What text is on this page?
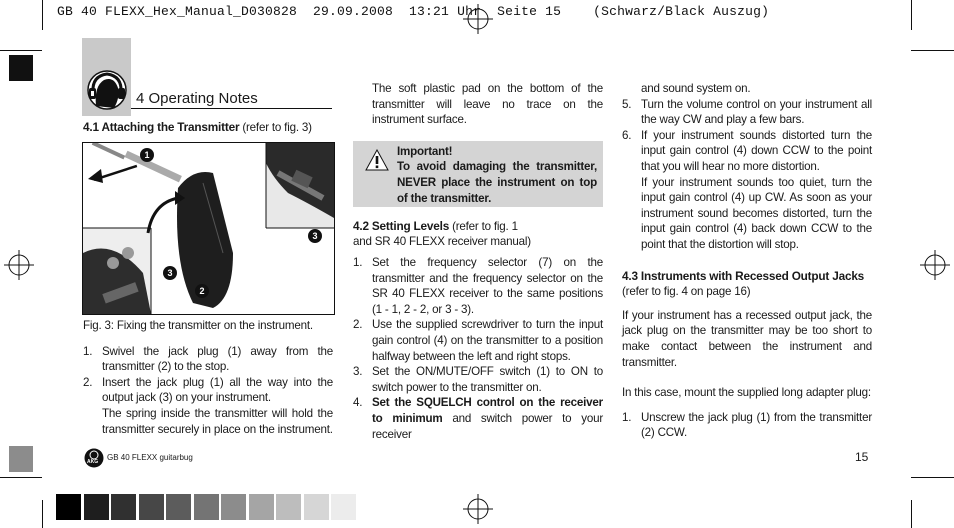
GB 40 FLEXX_Hex_Manual_D030828  29.09.2008  13:21 Uhr  Seite 15    (Schwarz/Black Auszug)
4 Operating Notes
4.1 Attaching the Transmitter (refer to fig. 3)
1
2
3
3
Fig. 3: Fixing the transmitter on the instrument.
1. Swivel the jack plug (1) away from the transmitter (2) to the stop.
2. Insert the jack plug (1) all the way into the output jack (3) on your instrument.

The spring inside the transmitter will hold the transmitter securely in place on the instrument.

The soft plastic pad on the bottom of the transmitter will leave no trace on the instrument surface.

Important!
To avoid damaging the transmitter, NEVER place the instrument on top of the transmitter.
4.2 Setting Levels (refer to fig. 1
and SR 40 FLEXX receiver manual)
1. Set the frequency selector (7) on the transmitter and the frequency selector on the SR 40 FLEXX receiver to the same positions (1 - 1, 2 - 2, or 3 - 3).
2. Use the supplied screwdriver to turn the input gain control (4) on the transmitter to a position halfway between the left and right stops.
3. Set the ON/MUTE/OFF switch (1) to ON to switch power to the transmitter on.
4. Set the SQUELCH control on the receiver to minimum and switch power to your receiver

and sound system on.

5. Turn the volume control on your instrument all the way CW and play a few bars.
6. If your instrument sounds distorted turn the input gain control (4) down CCW to the point that you will hear no more distortion.

If your instrument sounds too quiet, turn the input gain control (4) up CW. As soon as your instrument sound becomes distorted, turn the input gain control (4) back down CCW to the point that the distortion will stop.

4.3 Instruments with Recessed Output Jacks
(refer to fig. 4 on page 16)

If your instrument has a recessed output jack, the jack plug on the transmitter may be too short to make contact between the instrument and transmitter.

In this case, mount the supplied long adapter plug:

1. Unscrew the jack plug (1) from the transmitter (2) CCW.
AKG GB 40 FLEXX guitarbug	15
